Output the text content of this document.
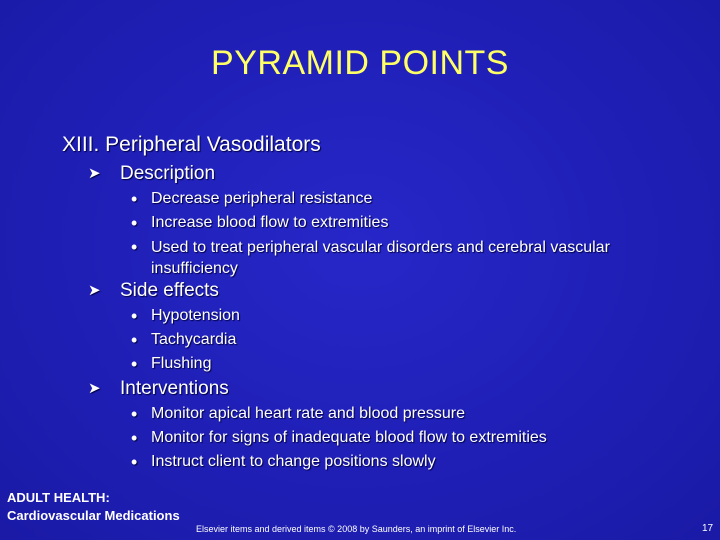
PYRAMID POINTS
XIII. Peripheral Vasodilators
➤ Description
• Decrease peripheral resistance
• Increase blood flow to extremities
• Used to treat peripheral vascular disorders and cerebral vascular insufficiency
➤ Side effects
• Hypotension
• Tachycardia
• Flushing
➤ Interventions
• Monitor apical heart rate and blood pressure
• Monitor for signs of inadequate blood flow to extremities
• Instruct client to change positions slowly
ADULT HEALTH:
Cardiovascular Medications
Elsevier items and derived items © 2008 by Saunders, an imprint of Elsevier Inc.	17
